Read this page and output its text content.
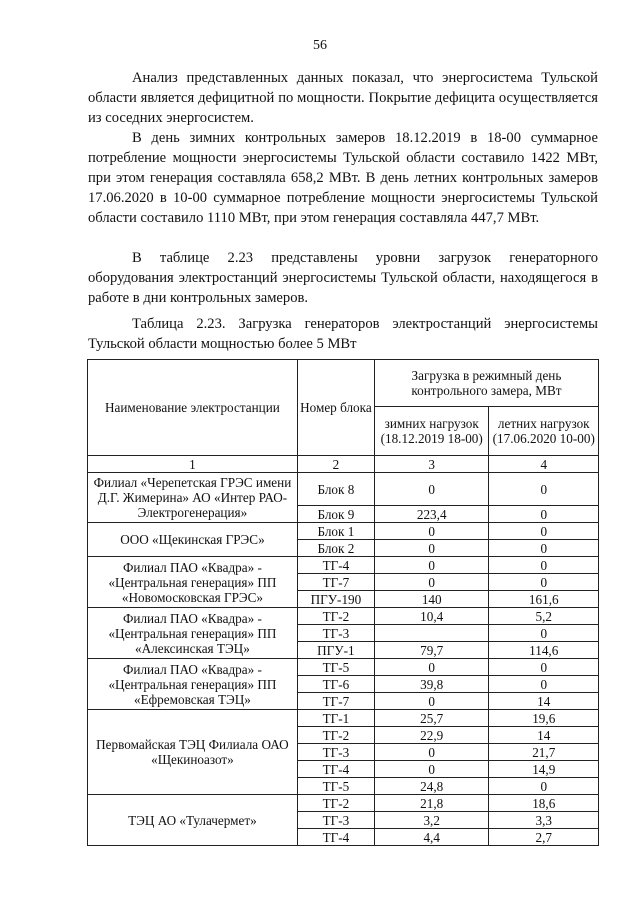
56

Анализ представленных данных показал, что энергосистема Тульской области является дефицитной по мощности. Покрытие дефицита осуществляется из соседних энергосистем.

В день зимних контрольных замеров 18.12.2019 в 18-00 суммарное потребление мощности энергосистемы Тульской области составило 1422 МВт, при этом генерация составляла 658,2 МВт. В день летних контрольных замеров 17.06.2020 в 10-00 суммарное потребление мощности энергосистемы Тульской области составило 1110 МВт, при этом генерация составляла 447,7 МВт.

В таблице 2.23 представлены уровни загрузок генераторного оборудования электростанций энергосистемы Тульской области, находящегося в работе в дни контрольных замеров.

Таблица 2.23. Загрузка генераторов электростанций энергосистемы Тульской области мощностью более 5 МВт

Наименование электростанции	Номер блока	Загрузка в режимный день контрольного замера, МВт	
		зимних нагрузок (18.12.2019 18-00)	летних нагрузок (17.06.2020 10-00)
1	2	3	4
Филиал «Черепетская ГРЭС имени Д.Г. Жимерина» АО «Интер РАО-Электрогенерация»	Блок 8	0	0
	Блок 9	223,4	0
ООО «Щекинская ГРЭС»	Блок 1	0	0
	Блок 2	0	0
Филиал ПАО «Квадра» - «Центральная генерация» ПП «Новомосковская ГРЭС»	ТГ-4	0	0
	ТГ-7	0	0
	ПГУ-190	140	161,6
Филиал ПАО «Квадра» - «Центральная генерация» ПП «Алексинская ТЭЦ»	ТГ-2	10,4	5,2
	ТГ-3		0
	ПГУ-1	79,7	114,6
Филиал ПАО «Квадра» - «Центральная генерация» ПП «Ефремовская ТЭЦ»	ТГ-5	0	0
	ТГ-6	39,8	0
	ТГ-7	0	14
Первомайская ТЭЦ Филиала ОАО «Щекиноазот»	ТГ-1	25,7	19,6
	ТГ-2	22,9	14
	ТГ-3	0	21,7
	ТГ-4	0	14,9
	ТГ-5	24,8	0
ТЭЦ АО «Тулачермет»	ТГ-2	21,8	18,6
	ТГ-3	3,2	3,3
	ТГ-4	4,4	2,7
